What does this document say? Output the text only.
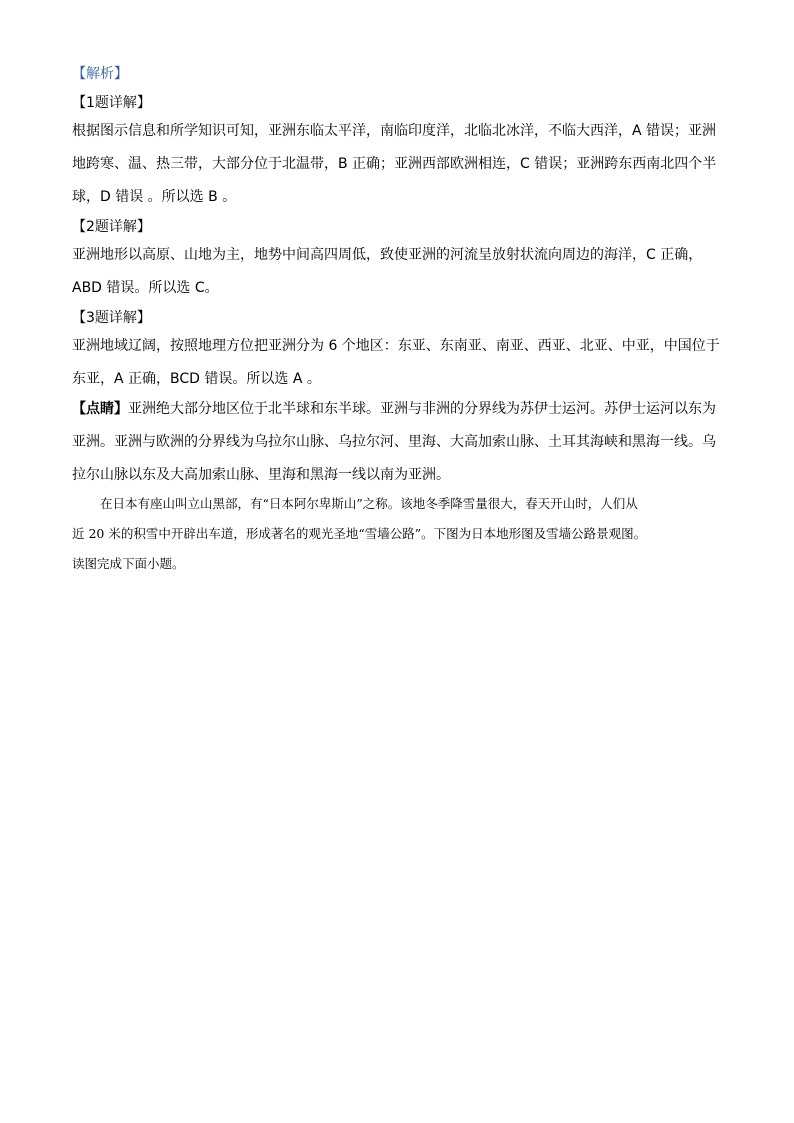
【解析】
【1题详解】
根据图示信息和所学知识可知，亚洲东临太平洋，南临印度洋，北临北冰洋，不临大西洋，A 错误；亚洲
地跨寒、温、热三带，大部分位于北温带，B 正确；亚洲西部欧洲相连，C 错误；亚洲跨东西南北四个半
球，D 错误 。所以选 B 。
【2题详解】
亚洲地形以高原、山地为主，地势中间高四周低，致使亚洲的河流呈放射状流向周边的海洋，C 正确，
ABD 错误。所以选 C。
【3题详解】
亚洲地域辽阔，按照地理方位把亚洲分为 6 个地区：东亚、东南亚、南亚、西亚、北亚、中亚，中国位于
东亚，A 正确，BCD 错误。所以选 A 。
【点睛】亚洲绝大部分地区位于北半球和东半球。亚洲与非洲的分界线为苏伊士运河。苏伊士运河以东为
亚洲。亚洲与欧洲的分界线为乌拉尔山脉、乌拉尔河、里海、大高加索山脉、土耳其海峡和黑海一线。乌
拉尔山脉以东及大高加索山脉、里海和黑海一线以南为亚洲。
在日本有座山叫立山黑部，有“日本阿尔卑斯山”之称。该地冬季降雪量很大，春天开山时，人们从
近 20 米的积雪中开辟出车道，形成著名的观光圣地“雪墙公路”。下图为日本地形图及雪墙公路景观图。
读图完成下面小题。
